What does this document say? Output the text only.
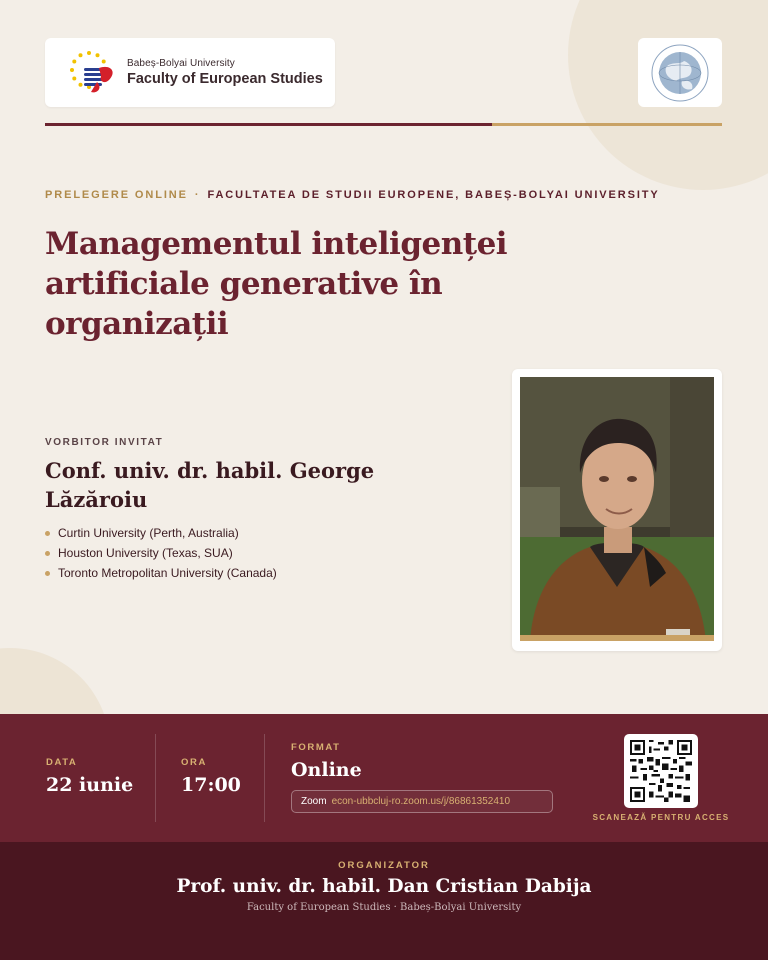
Babeș-Bolyai University
Faculty of European Studies
PRELEGERE ONLINE · FACULTATEA DE STUDII EUROPENE, BABEȘ-BOLYAI UNIVERSITY
Managementul inteligenței artificiale generative în organizații
VORBITOR INVITAT
Conf. univ. dr. habil. George Lăzăroiu
Curtin University (Perth, Australia)
Houston University (Texas, SUA)
Toronto Metropolitan University (Canada)
DATA
22 iunie
ORA
17:00
FORMAT
Online
Zoom econ-ubbcluj-ro.zoom.us/j/86861352410
SCANEAZĂ PENTRU ACCES
ORGANIZATOR
Prof. univ. dr. habil. Dan Cristian Dabija
Faculty of European Studies · Babeș-Bolyai University
